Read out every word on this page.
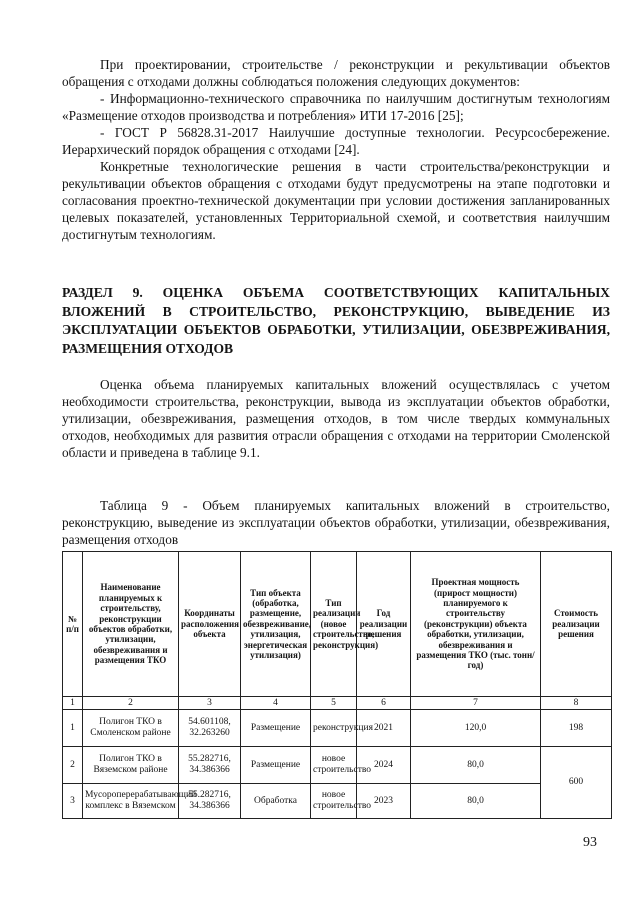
При проектировании, строительстве / реконструкции и рекультивации объектов обращения с отходами должны соблюдаться положения следующих документов:

- Информационно-технического справочника по наилучшим достигнутым технологиям «Размещение отходов производства и потребления» ИТИ 17-2016 [25];

- ГОСТ Р 56828.31-2017 Наилучшие доступные технологии. Ресурсосбережение. Иерархический порядок обращения с отходами [24].

Конкретные технологические решения в части строительства/реконструкции и рекультивации объектов обращения с отходами будут предусмотрены на этапе подготовки и согласования проектно-технической документации при условии достижения запланированных целевых показателей, установленных Территориальной схемой, и соответствия наилучшим достигнутым технологиям.

РАЗДЕЛ 9. ОЦЕНКА ОБЪЕМА СООТВЕТСТВУЮЩИХ КАПИТАЛЬНЫХ ВЛОЖЕНИЙ В СТРОИТЕЛЬСТВО, РЕКОНСТРУКЦИЮ, ВЫВЕДЕНИЕ ИЗ ЭКСПЛУАТАЦИИ ОБЪЕКТОВ ОБРАБОТКИ, УТИЛИЗАЦИИ, ОБЕЗВРЕЖИВАНИЯ, РАЗМЕЩЕНИЯ ОТХОДОВ

Оценка объема планируемых капитальных вложений осуществлялась с учетом необходимости строительства, реконструкции, вывода из эксплуатации объектов обработки, утилизации, обезвреживания, размещения отходов, в том числе твердых коммунальных отходов, необходимых для развития отрасли обращения с отходами на территории Смоленской области и приведена в таблице 9.1.

Таблица 9 - Объем планируемых капитальных вложений в строительство, реконструкцию, выведение из эксплуатации объектов обработки, утилизации, обезвреживания, размещения отходов

№ п/п	Наименование планируемых к строительству, реконструкции объектов обработки, утилизации, обезвреживания и размещения ТКО	Координаты расположения объекта	Тип объекта (обработка, размещение, обезвреживание, утилизация, энергетическая утилизация)	Тип реализации (новое строительство, реконструкция)	Год реализации решения	Проектная мощность (прирост мощности) планируемого к строительству (реконструкции) объекта обработки, утилизации, обезвреживания и размещения ТКО (тыс. тонн/год)	Стоимость реализации решения
1	2	3	4	5	6	7	8
1	Полигон ТКО в Смоленском районе	54.601108, 32.263260	Размещение	реконструкция	2021	120,0	198
2	Полигон ТКО в Вяземском районе	55.282716, 34.386366	Размещение	новое строительство	2024	80,0	600
3	Мусороперерабатывающий комплекс в Вяземском	55.282716, 34.386366	Обработка	новое строительство	2023	80,0	
93
